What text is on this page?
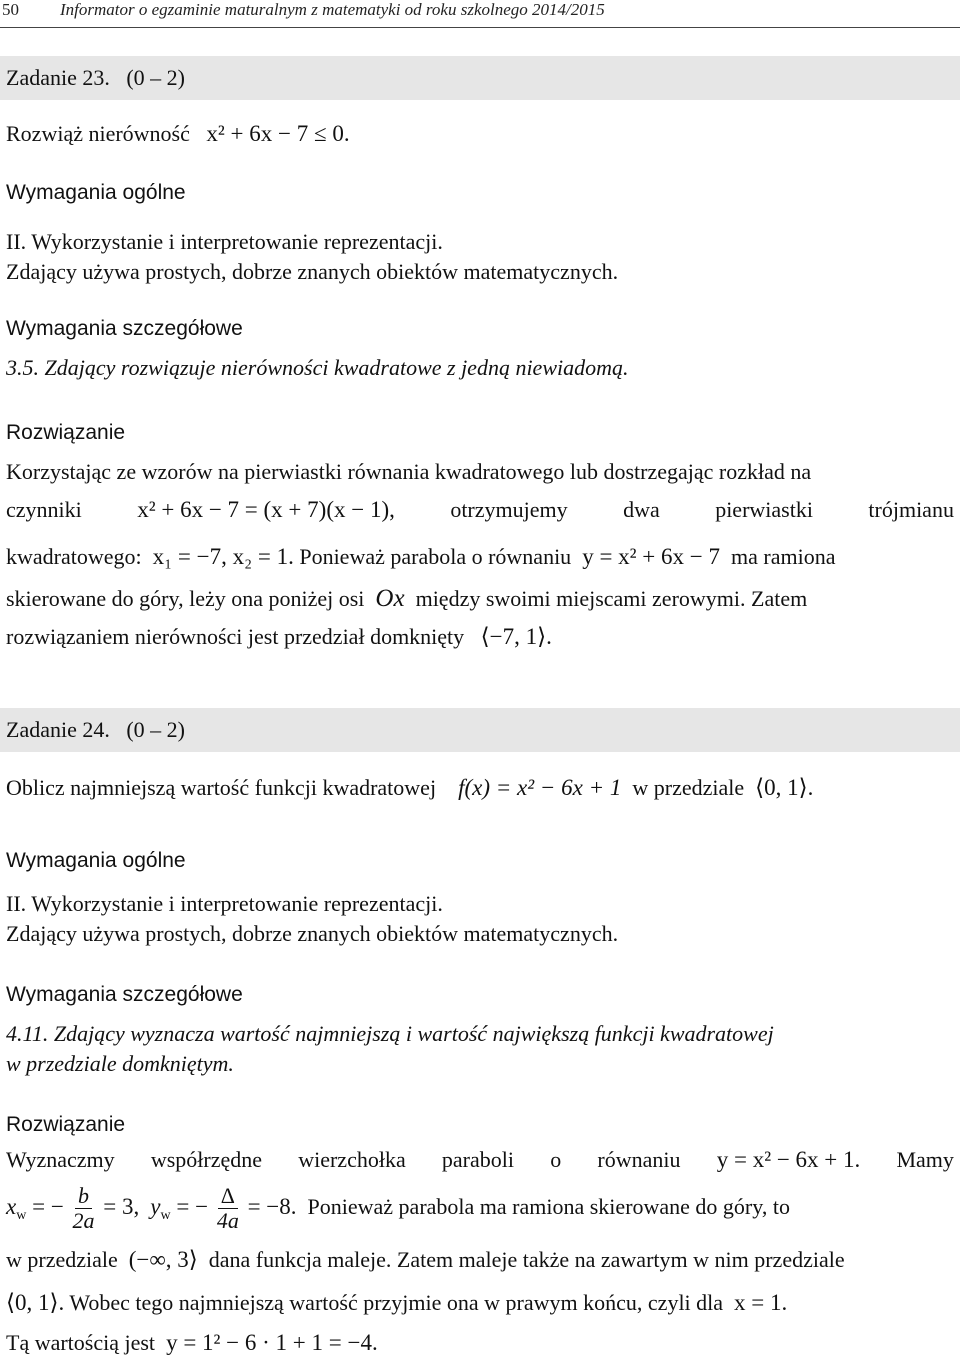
50 Informator o egzaminie maturalnym z matematyki od roku szkolnego 2014/2015
Zadanie 23. (0 – 2)
Rozwiąż nierówność x² + 6x − 7 ≤ 0.
Wymagania ogólne
II. Wykorzystanie i interpretowanie reprezentacji.
Zdający używa prostych, dobrze znanych obiektów matematycznych.
Wymagania szczegółowe
3.5. Zdający rozwiązuje nierówności kwadratowe z jedną niewiadomą.
Rozwiązanie
Korzystając ze wzorów na pierwiastki równania kwadratowego lub dostrzegając rozkład na
czynniki x² + 6x − 7 = (x + 7)(x − 1),	otrzymujemy	dwa	pierwiastki	trójmianu
kwadratowego: x₁ = −7, x₂ = 1. Ponieważ parabola o równaniu y = x² + 6x − 7 ma ramiona
skierowane do góry, leży ona poniżej osi Ox między swoimi miejscami zerowymi. Zatem
rozwiązaniem nierówności jest przedział domknięty ⟨−7, 1⟩.
Zadanie 24. (0 – 2)
Oblicz najmniejszą wartość funkcji kwadratowej f(x) = x² − 6x + 1 w przedziale ⟨0, 1⟩.
Wymagania ogólne
II. Wykorzystanie i interpretowanie reprezentacji.
Zdający używa prostych, dobrze znanych obiektów matematycznych.
Wymagania szczegółowe
4.11. Zdający wyznacza wartość najmniejszą i wartość największą funkcji kwadratowej
w przedziale domkniętym.
Rozwiązanie
Wyznaczmy współrzędne wierzchołka paraboli o równaniu y = x² − 6x + 1. Mamy
$x_w$ = − $\frac{b}{2a} = 3$, $y_w$ = − $\frac{\Delta}{4a} = -8$. Ponieważ parabola ma ramiona skierowane do góry, to
w przedziale (−∞, 3⟩ dana funkcja maleje. Zatem maleje także na zawartym w nim przedziale
⟨0, 1⟩. Wobec tego najmniejszą wartość przyjmie ona w prawym końcu, czyli dla x = 1.
Tą wartością jest y = 1² − 6 · 1 + 1 = −4.
